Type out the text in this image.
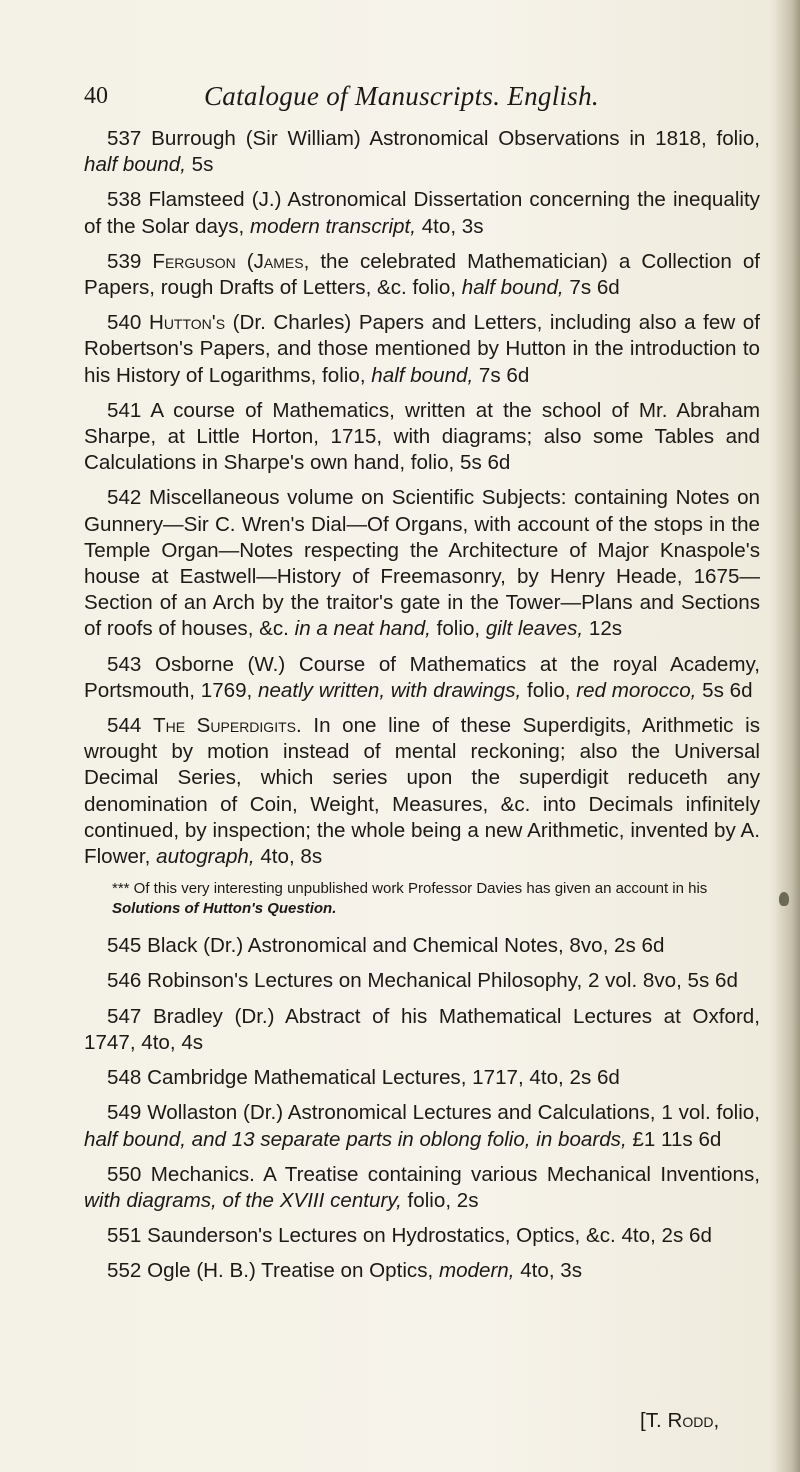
40	Catalogue of Manuscripts. English.

537 Burrough (Sir William) Astronomical Observations in 1818, folio, half bound, 5s

538 Flamsteed (J.) Astronomical Dissertation concerning the inequality of the Solar days, modern transcript, 4to, 3s

539 Ferguson (James, the celebrated Mathematician) a Collection of Papers, rough Drafts of Letters, &c. folio, half bound, 7s 6d

540 Hutton's (Dr. Charles) Papers and Letters, including also a few of Robertson's Papers, and those mentioned by Hutton in the introduction to his History of Logarithms, folio, half bound, 7s 6d

541 A course of Mathematics, written at the school of Mr. Abraham Sharpe, at Little Horton, 1715, with diagrams; also some Tables and Calculations in Sharpe's own hand, folio, 5s 6d

542 Miscellaneous volume on Scientific Subjects: containing Notes on Gunnery—Sir C. Wren's Dial—Of Organs, with account of the stops in the Temple Organ—Notes respecting the Architecture of Major Knaspole's house at Eastwell—History of Freemasonry, by Henry Heade, 1675—Section of an Arch by the traitor's gate in the Tower—Plans and Sections of roofs of houses, &c. in a neat hand, folio, gilt leaves, 12s

543 Osborne (W.) Course of Mathematics at the royal Academy, Portsmouth, 1769, neatly written, with drawings, folio, red morocco, 5s 6d

544 The Superdigits. In one line of these Superdigits, Arithmetic is wrought by motion instead of mental reckoning; also the Universal Decimal Series, which series upon the superdigit reduceth any denomination of Coin, Weight, Measures, &c. into Decimals infinitely continued, by inspection; the whole being a new Arithmetic, invented by A. Flower, autograph, 4to, 8s

*** Of this very interesting unpublished work Professor Davies has given an account in his Solutions of Hutton's Question.

545 Black (Dr.) Astronomical and Chemical Notes, 8vo, 2s 6d

546 Robinson's Lectures on Mechanical Philosophy, 2 vol. 8vo, 5s 6d

547 Bradley (Dr.) Abstract of his Mathematical Lectures at Oxford, 1747, 4to, 4s

548 Cambridge Mathematical Lectures, 1717, 4to, 2s 6d

549 Wollaston (Dr.) Astronomical Lectures and Calculations, 1 vol. folio, half bound, and 13 separate parts in oblong folio, in boards, £1 11s 6d

550 Mechanics. A Treatise containing various Mechanical Inventions, with diagrams, of the XVIII century, folio, 2s

551 Saunderson's Lectures on Hydrostatics, Optics, &c. 4to, 2s 6d

552 Ogle (H. B.) Treatise on Optics, modern, 4to, 3s

[T. Rodd,
